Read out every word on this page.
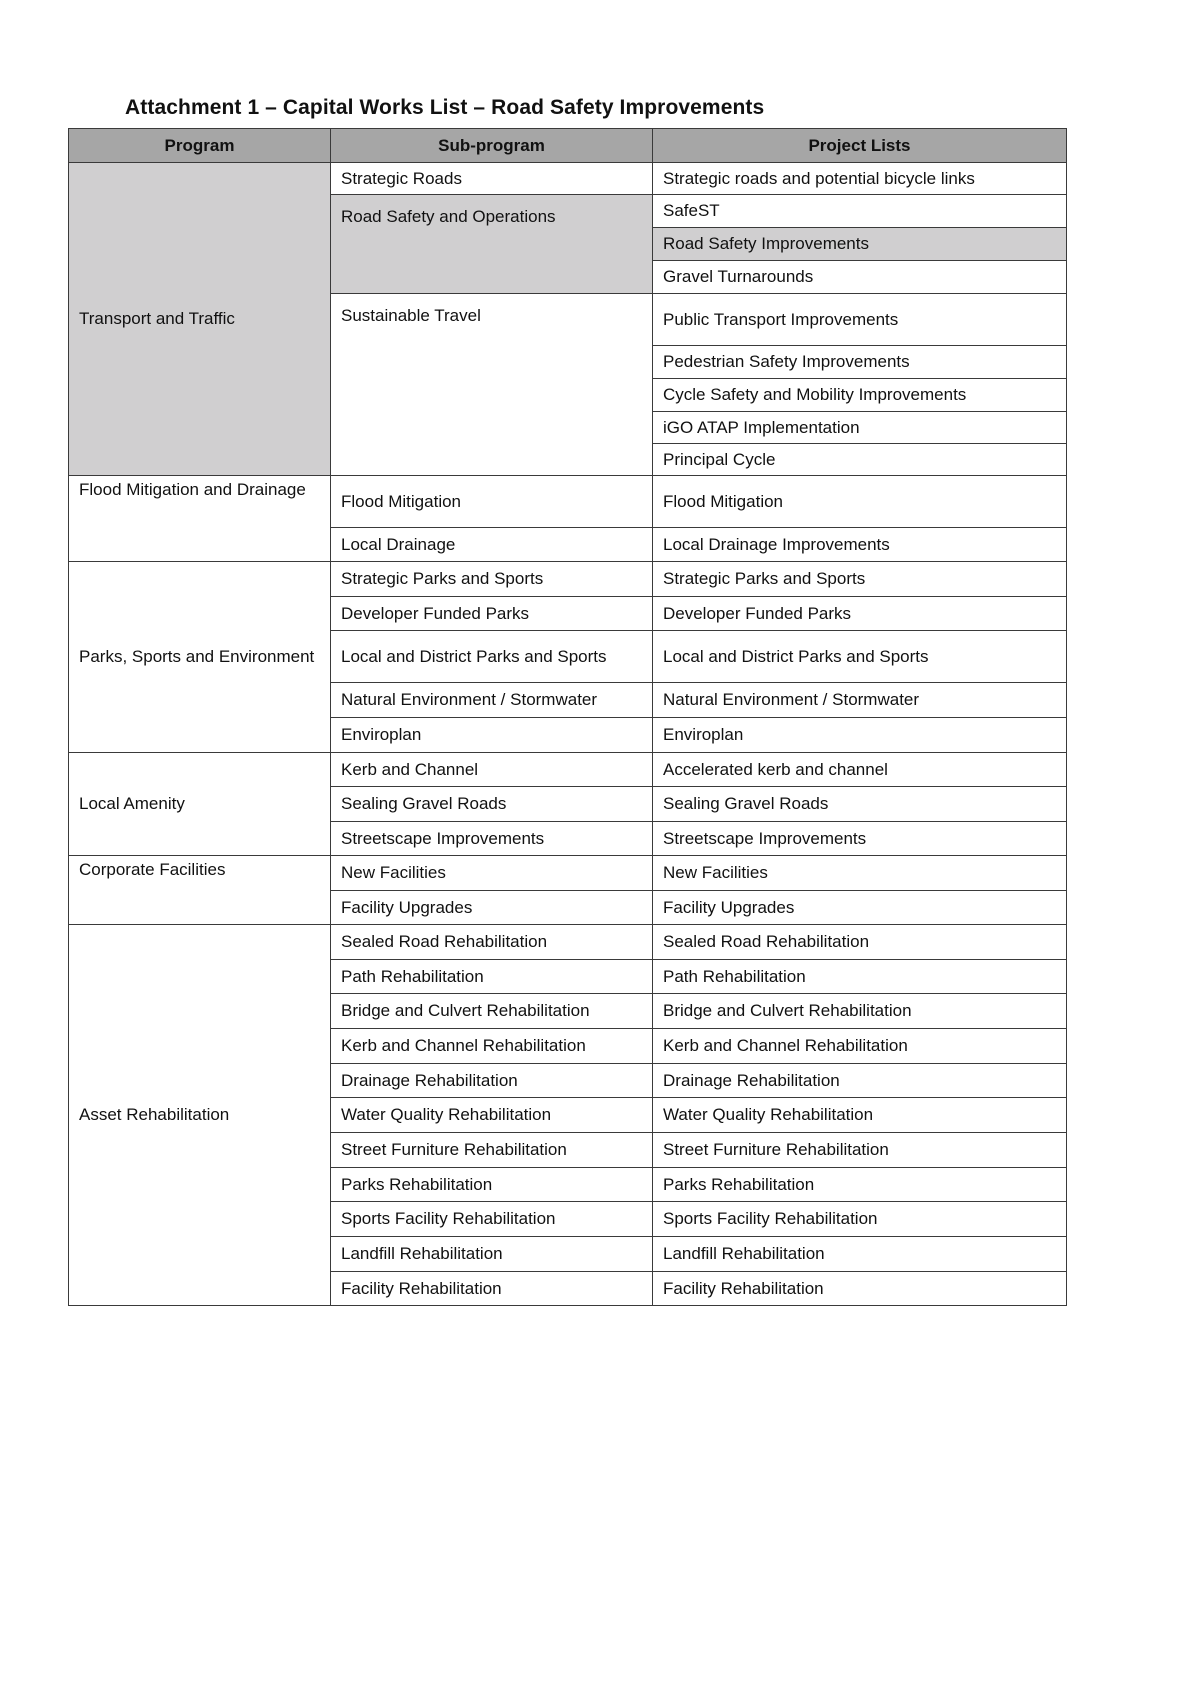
Attachment 1 – Capital Works List – Road Safety Improvements
Program	Sub-program	Project Lists
Transport and Traffic	Strategic Roads	Strategic roads and potential bicycle links
	Road Safety and Operations	SafeST
		Road Safety Improvements
		Gravel Turnarounds
	Sustainable Travel	Public Transport Improvements
		Pedestrian Safety Improvements
		Cycle Safety and Mobility Improvements
		iGO ATAP Implementation
		Principal Cycle
Flood Mitigation and Drainage	Flood Mitigation	Flood Mitigation
	Local Drainage	Local Drainage Improvements
Parks, Sports and Environment	Strategic Parks and Sports	Strategic Parks and Sports
	Developer Funded Parks	Developer Funded Parks
	Local and District Parks and Sports	Local and District Parks and Sports
	Natural Environment / Stormwater	Natural Environment / Stormwater
	Enviroplan	Enviroplan
Local Amenity	Kerb and Channel	Accelerated kerb and channel
	Sealing Gravel Roads	Sealing Gravel Roads
	Streetscape Improvements	Streetscape Improvements
Corporate Facilities	New Facilities	New Facilities
	Facility Upgrades	Facility Upgrades
Asset Rehabilitation	Sealed Road Rehabilitation	Sealed Road Rehabilitation
	Path Rehabilitation	Path Rehabilitation
	Bridge and Culvert Rehabilitation	Bridge and Culvert Rehabilitation
	Kerb and Channel Rehabilitation	Kerb and Channel Rehabilitation
	Drainage Rehabilitation	Drainage Rehabilitation
	Water Quality Rehabilitation	Water Quality Rehabilitation
	Street Furniture Rehabilitation	Street Furniture Rehabilitation
	Parks Rehabilitation	Parks Rehabilitation
	Sports Facility Rehabilitation	Sports Facility Rehabilitation
	Landfill Rehabilitation	Landfill Rehabilitation
	Facility Rehabilitation	Facility Rehabilitation
